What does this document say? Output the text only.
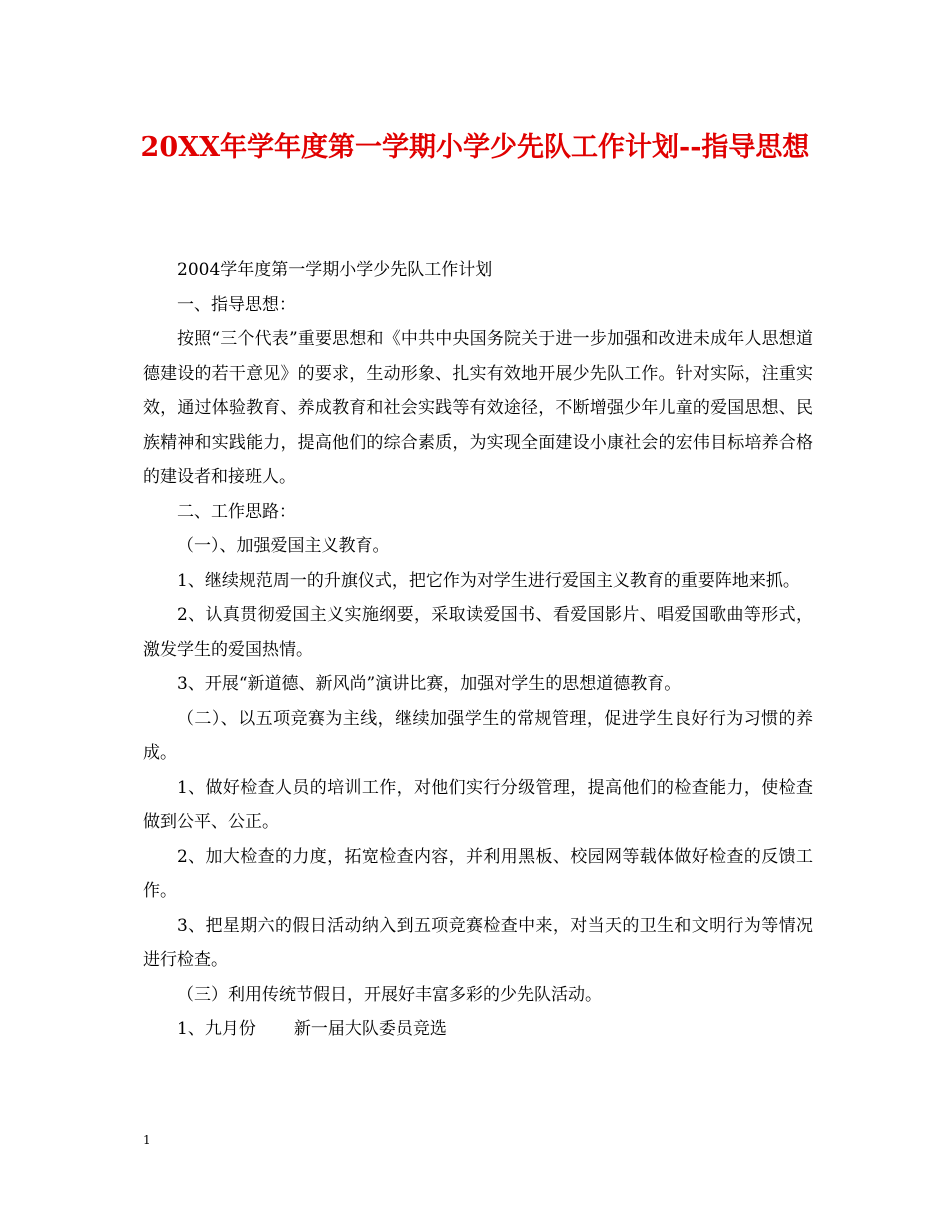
20XX年学年度第一学期小学少先队工作计划--指导思想

2004学年度第一学期小学少先队工作计划

一、指导思想：

按照“三个代表”重要思想和《中共中央国务院关于进一步加强和改进未成年人思想道德建设的若干意见》的要求，生动形象、扎实有效地开展少先队工作。针对实际，注重实效，通过体验教育、养成教育和社会实践等有效途径，不断增强少年儿童的爱国思想、民族精神和实践能力，提高他们的综合素质，为实现全面建设小康社会的宏伟目标培养合格的建设者和接班人。

二、工作思路：

（一）、加强爱国主义教育。

1、继续规范周一的升旗仪式，把它作为对学生进行爱国主义教育的重要阵地来抓。

2、认真贯彻爱国主义实施纲要，采取读爱国书、看爱国影片、唱爱国歌曲等形式，激发学生的爱国热情。

3、开展“新道德、新风尚”演讲比赛，加强对学生的思想道德教育。

（二）、以五项竞赛为主线，继续加强学生的常规管理，促进学生良好行为习惯的养成。

1、做好检查人员的培训工作，对他们实行分级管理，提高他们的检查能力，使检查做到公平、公正。

2、加大检查的力度，拓宽检查内容，并利用黑板、校园网等载体做好检查的反馈工作。

3、把星期六的假日活动纳入到五项竞赛检查中来，对当天的卫生和文明行为等情况进行检查。

（三）利用传统节假日，开展好丰富多彩的少先队活动。

1、九月份 新一届大队委员竞选

1
